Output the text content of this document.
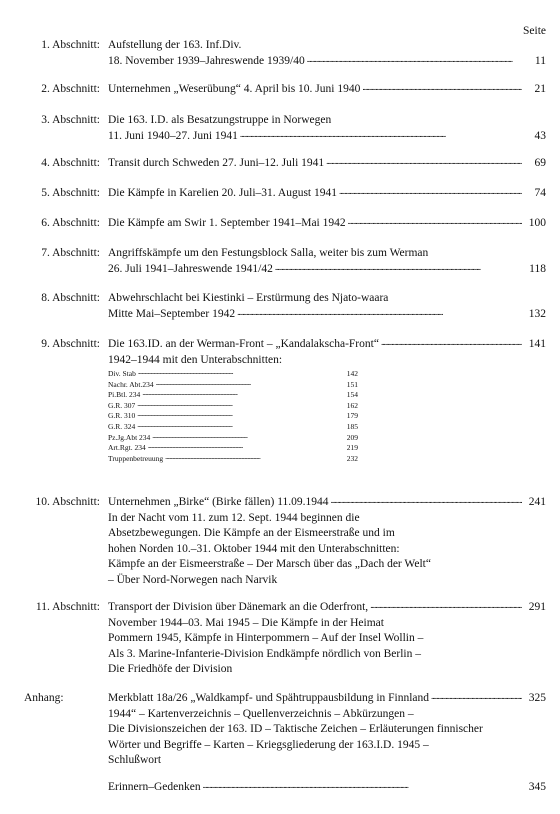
Seite
1. Abschnitt: Aufstellung der 163. Inf.Div.
18. November 1939–Jahreswende 1939/40 . . .	11
2. Abschnitt: Unternehmen „Weserübung“ 4. April bis 10. Juni 1940 . . .	21
3. Abschnitt: Die 163. I.D. als Besatzungstruppe in Norwegen
11. Juni 1940–27. Juni 1941 . . .	43
4. Abschnitt: Transit durch Schweden 27. Juni–12. Juli 1941 . . .	69
5. Abschnitt: Die Kämpfe in Karelien 20. Juli–31. August 1941 . . .	74
6. Abschnitt: Die Kämpfe am Swir 1. September 1941–Mai 1942 . . .	100
7. Abschnitt: Angriffskämpfe um den Festungsblock Salla, weiter bis zum Werman
26. Juli 1941–Jahreswende 1941/42 . . .	118
8. Abschnitt: Abwehrschlacht bei Kiestinki – Erstürmung des Njato-waara
Mitte Mai–September 1942 . . .	132
9. Abschnitt: Die 163.ID. an der Werman-Front – „Kandalakscha-Front“ . . .	141
1942–1944 mit den Unterabschnitten:
Div. Stab . . .	142
Nachr. Abt.234 . . .	151
Pi.Btl. 234 . . .	154
G.R. 307 . . .	162
G.R. 310 . . .	179
G.R. 324 . . .	185
Pz.Jg.Abt 234 . . .	209
Art.Rgt. 234 . . .	219
Truppenbetreuung . . .	232
10. Abschnitt: Unternehmen „Birke“ (Birke fällen) 11.09.1944 . . .	241
In der Nacht vom 11. zum 12. Sept. 1944 beginnen die
Absetzbewegungen. Die Kämpfe an der Eismeerstraße und im
hohen Norden 10.–31. Oktober 1944 mit den Unterabschnitten:
Kämpfe an der Eismeerstraße – Der Marsch über das „Dach der Welt“
– Über Nord-Norwegen nach Narvik
11. Abschnitt: Transport der Division über Dänemark an die Oderfront, . . .	291
November 1944–03. Mai 1945 – Die Kämpfe in der Heimat
Pommern 1945, Kämpfe in Hinterpommern – Auf der Insel Wollin –
Als 3. Marine-Infanterie-Division Endkämpfe nördlich von Berlin –
Die Friedhöfe der Division
Anhang:	Merkblatt 18a/26 „Waldkampf- und Spähtruppausbildung in Finnland . . .	325
1944“ – Kartenverzeichnis – Quellenverzeichnis – Abkürzungen –
Die Divisionszeichen der 163. ID – Taktische Zeichen – Erläuterungen finnischer
Wörter und Begriffe – Karten – Kriegsgliederung der 163.I.D. 1945 –
Schlußwort
Erinnern–Gedenken . . .	345
